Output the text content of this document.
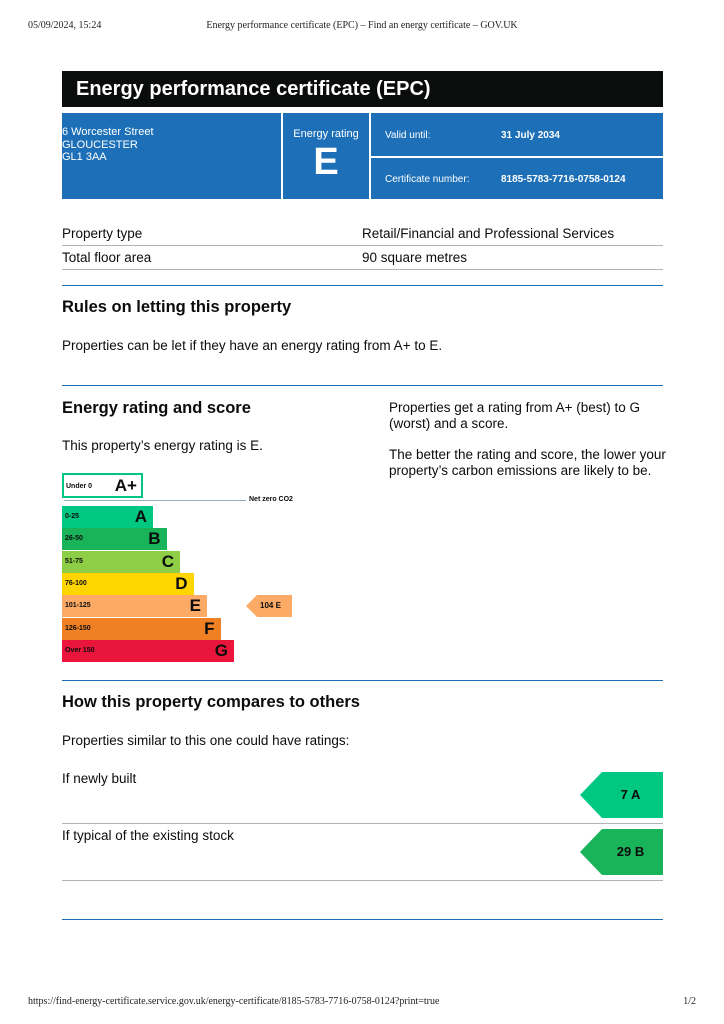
05/09/2024, 15:24	Energy performance certificate (EPC) – Find an energy certificate – GOV.UK
Energy performance certificate (EPC)
6 Worcester Street
GLOUCESTER
GL1 3AA
Energy rating
E
Valid until:	31 July 2034
Certificate number:	8185-5783-7716-0758-0124
Property type	Retail/Financial and Professional Services
Total floor area	90 square metres
Rules on letting this property
Properties can be let if they have an energy rating from A+ to E.
Energy rating and score
This property’s energy rating is E.
Properties get a rating from A+ (best) to G (worst) and a score.
The better the rating and score, the lower your property’s carbon emissions are likely to be.
Under 0 A+
Net zero CO2
0-25	A
26-50	B
51-75	C
76-100	D
101-125	E
126-150	F
Over 150	G
104 E
How this property compares to others
Properties similar to this one could have ratings:
If newly built
7 A
If typical of the existing stock
29 B
https://find-energy-certificate.service.gov.uk/energy-certificate/8185-5783-7716-0758-0124?print=true	1/2
